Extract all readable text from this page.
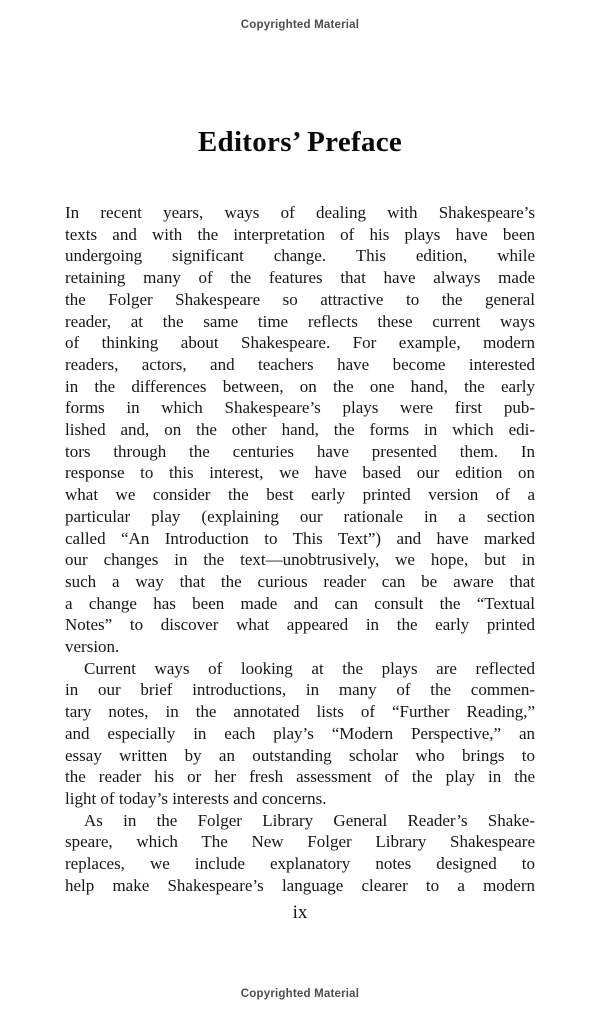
Copyrighted Material
Editors’ Preface

In recent years, ways of dealing with Shakespeare’s
texts and with the interpretation of his plays have been
undergoing significant change. This edition, while
retaining many of the features that have always made
the Folger Shakespeare so attractive to the general
reader, at the same time reflects these current ways
of thinking about Shakespeare. For example, modern
readers, actors, and teachers have become interested
in the differences between, on the one hand, the early
forms in which Shakespeare’s plays were first pub-
lished and, on the other hand, the forms in which edi-
tors through the centuries have presented them. In
response to this interest, we have based our edition on
what we consider the best early printed version of a
particular play (explaining our rationale in a section
called “An Introduction to This Text”) and have marked
our changes in the text—unobtrusively, we hope, but in
such a way that the curious reader can be aware that
a change has been made and can consult the “Textual
Notes” to discover what appeared in the early printed
version.

Current ways of looking at the plays are reflected
in our brief introductions, in many of the commen-
tary notes, in the annotated lists of “Further Reading,”
and especially in each play’s “Modern Perspective,” an
essay written by an outstanding scholar who brings to
the reader his or her fresh assessment of the play in the
light of today’s interests and concerns.

As in the Folger Library General Reader’s Shake-
speare, which The New Folger Library Shakespeare
replaces, we include explanatory notes designed to
help make Shakespeare’s language clearer to a modern

ix
Copyrighted Material
